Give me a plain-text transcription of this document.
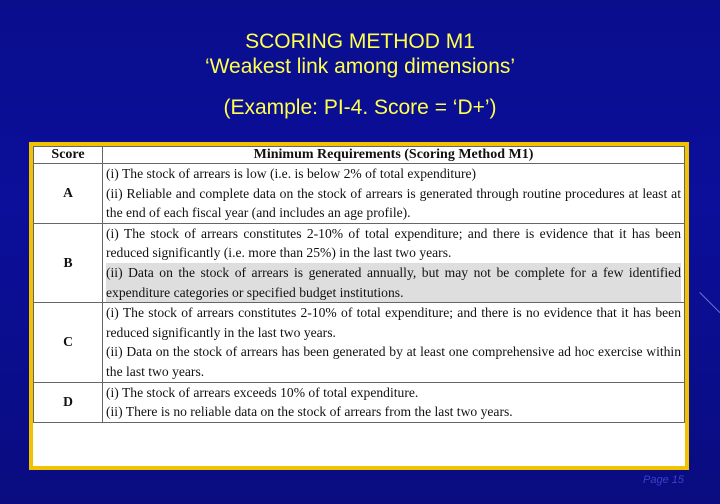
SCORING METHOD M1
‘Weakest link among dimensions’
(Example: PI-4. Score = ‘D+’)
Score	Minimum Requirements (Scoring Method M1)
A	(i) The stock of arrears is low (i.e. is below 2% of total expenditure)
(ii) Reliable and complete data on the stock of arrears is generated through routine procedures at least at the end of each fiscal year (and includes an age profile).

B	(i) The stock of arrears constitutes 2-10% of total expenditure; and there is evidence that it has been reduced significantly (i.e. more than 25%) in the last two years.
(ii) Data on the stock of arrears is generated annually, but may not be complete for a few identified expenditure categories or specified budget institutions.

C	(i) The stock of arrears constitutes 2-10% of total expenditure; and there is no evidence that it has been reduced significantly in the last two years.
(ii) Data on the stock of arrears has been generated by at least one comprehensive ad hoc exercise within the last two years.

D	(i) The stock of arrears exceeds 10% of total expenditure.
(ii) There is no reliable data on the stock of arrears from the last two years.

Page 15
